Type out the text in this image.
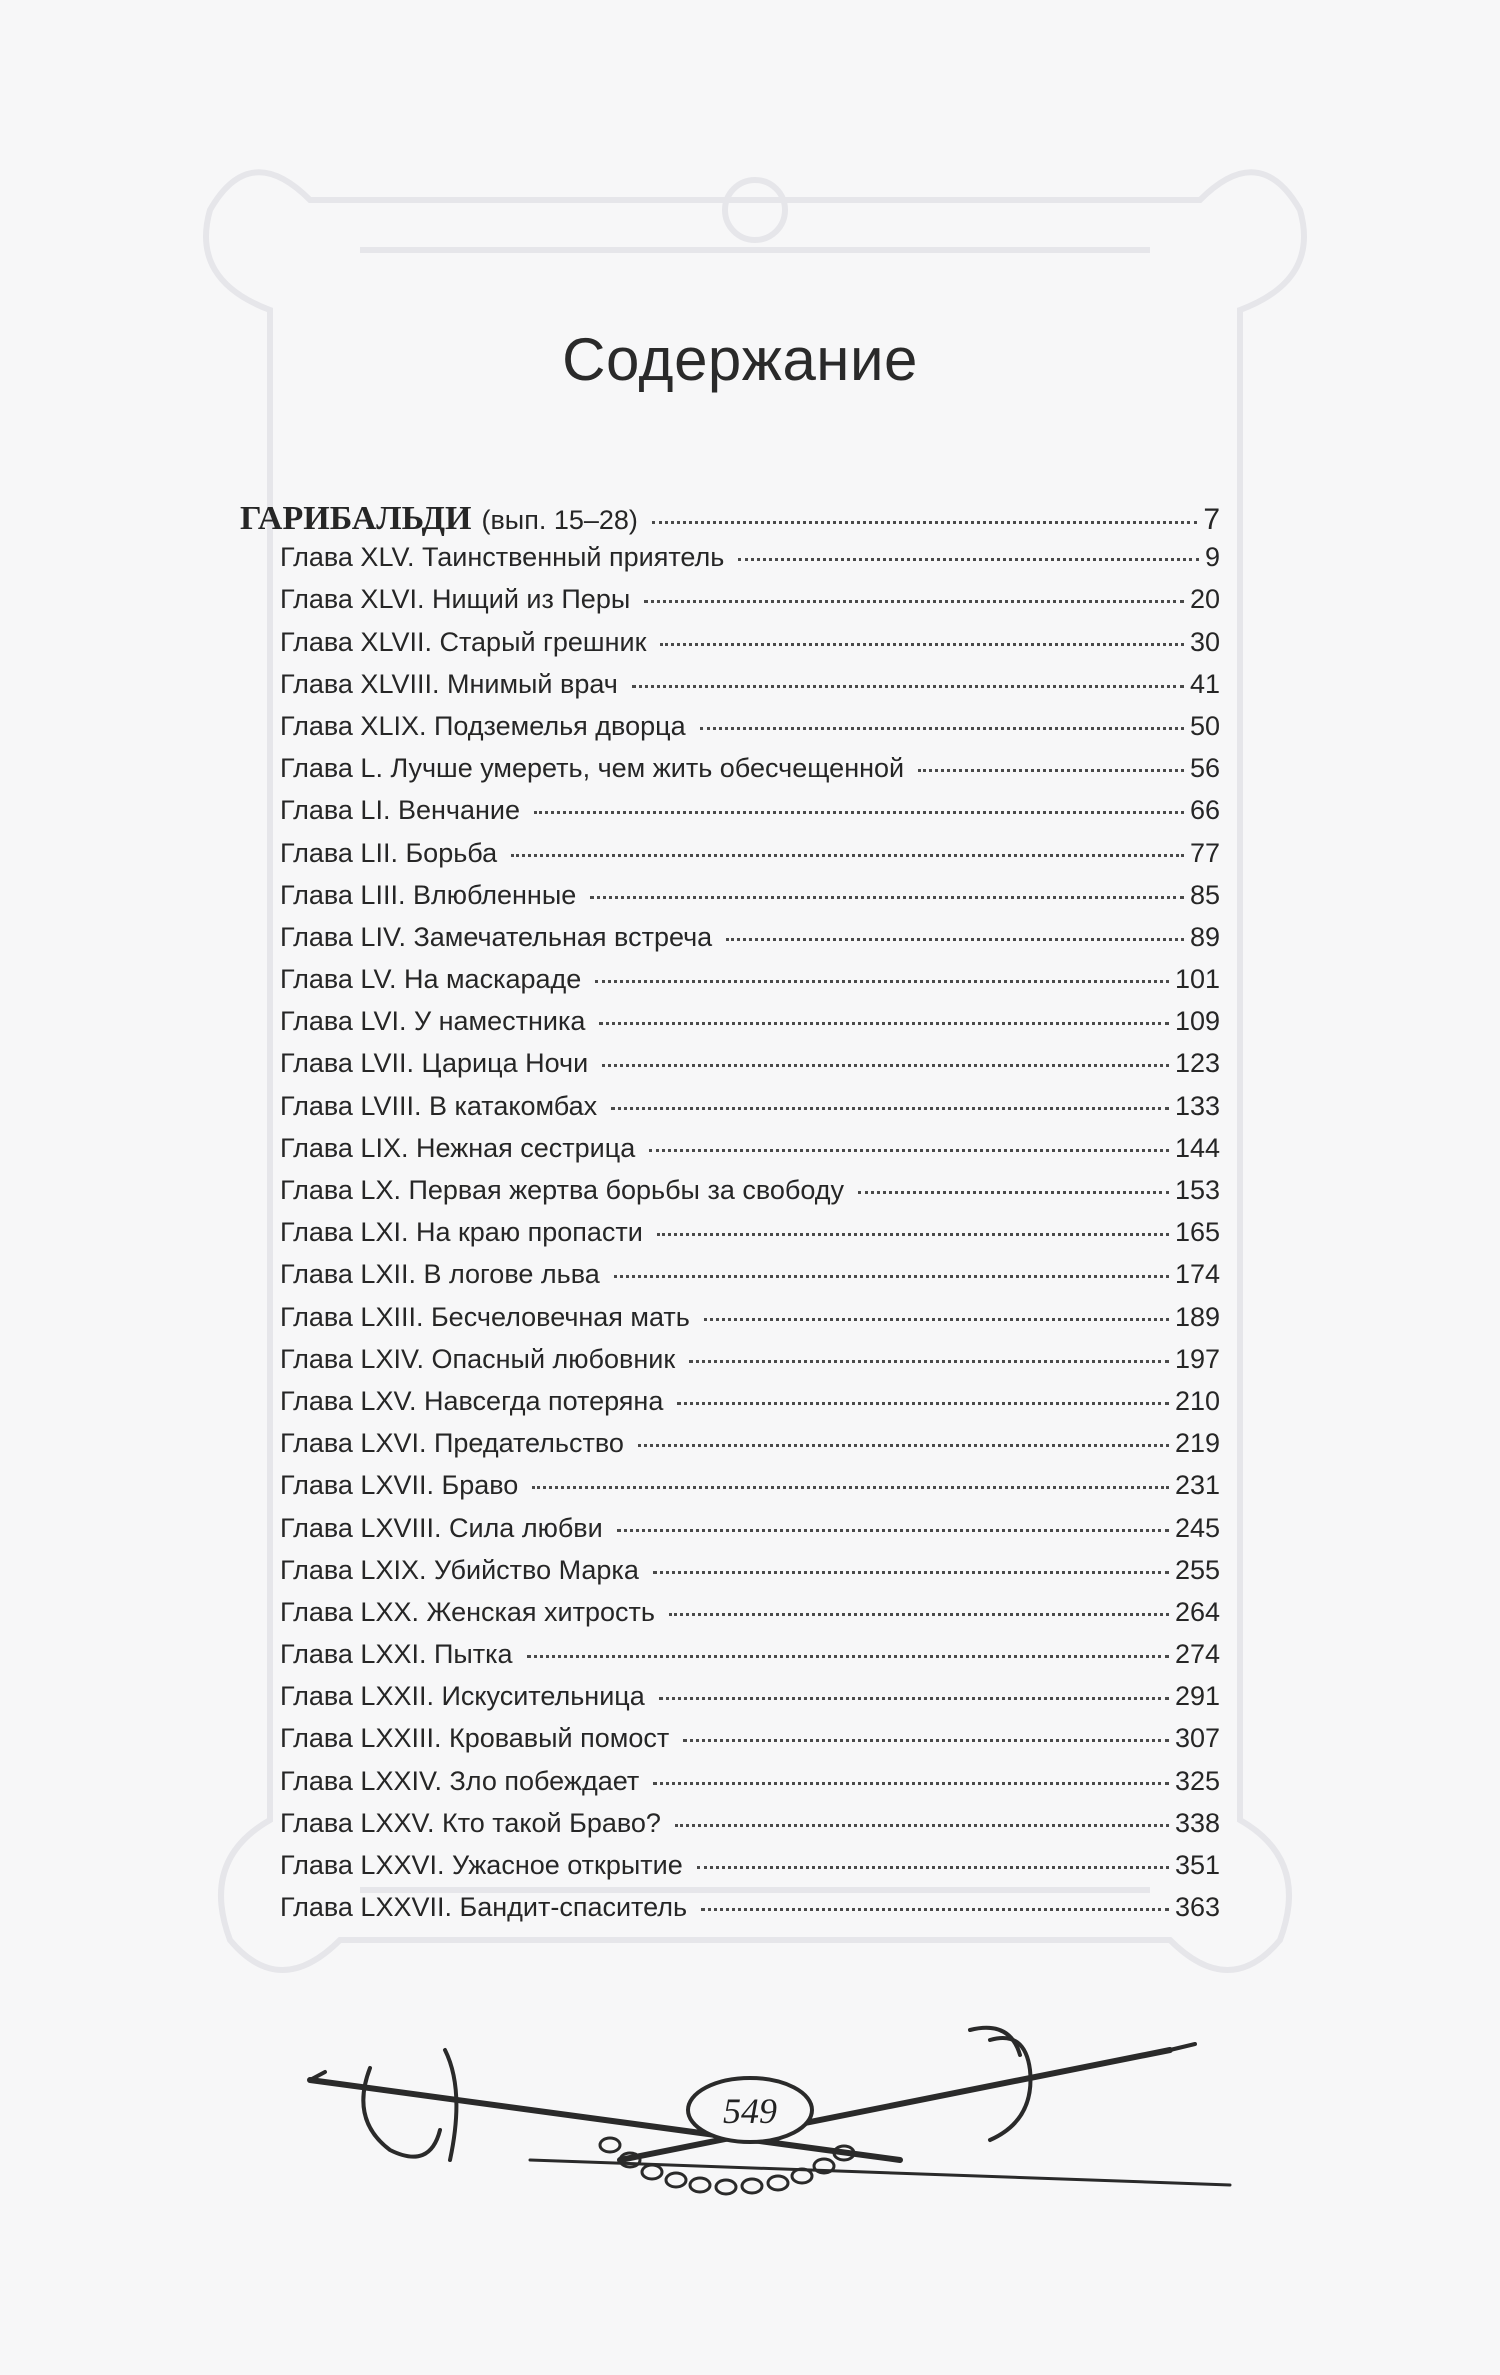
Содержание
ГАРИБАЛЬДИ (вып. 15–28)	7
Глава XLV. Таинственный приятель	9
Глава XLVI. Нищий из Перы	20
Глава XLVII. Старый грешник	30
Глава XLVIII. Мнимый врач	41
Глава XLIX. Подземелья дворца	50
Глава L. Лучше умереть, чем жить обесчещенной	56
Глава LI. Венчание	66
Глава LII. Борьба	77
Глава LIII. Влюбленные	85
Глава LIV. Замечательная встреча	89
Глава LV. На маскараде	101
Глава LVI. У наместника	109
Глава LVII. Царица Ночи	123
Глава LVIII. В катакомбах	133
Глава LIX. Нежная сестрица	144
Глава LX. Первая жертва борьбы за свободу	153
Глава LXI. На краю пропасти	165
Глава LXII. В логове льва	174
Глава LXIII. Бесчеловечная мать	189
Глава LXIV. Опасный любовник	197
Глава LXV. Навсегда потеряна	210
Глава LXVI. Предательство	219
Глава LXVII. Браво	231
Глава LXVIII. Сила любви	245
Глава LXIX. Убийство Марка	255
Глава LXX. Женская хитрость	264
Глава LXXI. Пытка	274
Глава LXXII. Искусительница	291
Глава LXXIII. Кровавый помост	307
Глава LXXIV. Зло побеждает	325
Глава LXXV. Кто такой Браво?	338
Глава LXXVI. Ужасное открытие	351
Глава LXXVII. Бандит-спаситель	363
549
